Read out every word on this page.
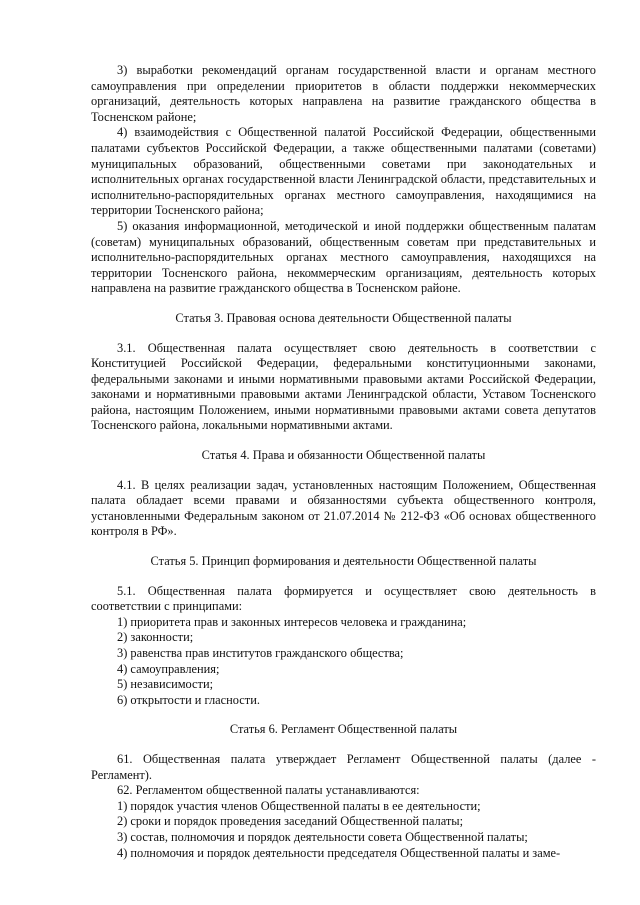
3) выработки рекомендаций органам государственной власти и органам местного самоуправления при определении приоритетов в области поддержки некоммерческих организаций, деятельность которых направлена на развитие гражданского общества в Тосненском районе;

4) взаимодействия с Общественной палатой Российской Федерации, общественными палатами субъектов Российской Федерации, а также общественными палатами (советами) муниципальных образований, общественными советами при законодательных и исполнительных органах государственной власти Ленинградской области, представительных и исполнительно-распорядительных органах местного самоуправления, находящимися на территории Тосненского района;

5) оказания информационной, методической и иной поддержки общественным палатам (советам) муниципальных образований, общественным советам при представительных и исполнительно-распорядительных органах местного самоуправления, находящихся на территории Тосненского района, некоммерческим организациям, деятельность которых направлена на развитие гражданского общества в Тосненском районе.

Статья 3. Правовая основа деятельности Общественной палаты

3.1. Общественная палата осуществляет свою деятельность в соответствии с Конституцией Российской Федерации, федеральными конституционными законами, федеральными законами и иными нормативными правовыми актами Российской Федерации, законами и нормативными правовыми актами Ленинградской области, Уставом Тосненского района, настоящим Положением, иными нормативными правовыми актами совета депутатов Тосненского района, локальными нормативными актами.

Статья 4. Права и обязанности Общественной палаты

4.1. В целях реализации задач, установленных настоящим Положением, Общественная палата обладает всеми правами и обязанностями субъекта общественного контроля, установленными Федеральным законом от 21.07.2014 № 212-ФЗ «Об основах общественного контроля в РФ».

Статья 5. Принцип формирования и деятельности Общественной палаты

5.1. Общественная палата формируется и осуществляет свою деятельность в соответствии с принципами:

1) приоритета прав и законных интересов человека и гражданина;

2) законности;

3) равенства прав институтов гражданского общества;

4) самоуправления;

5) независимости;

6) открытости и гласности.

Статья 6. Регламент Общественной палаты

61. Общественная палата утверждает Регламент Общественной палаты (далее - Регламент).

62. Регламентом общественной палаты устанавливаются:

1) порядок участия членов Общественной палаты в ее деятельности;

2) сроки и порядок проведения заседаний Общественной палаты;

3) состав, полномочия и порядок деятельности совета Общественной палаты;

4) полномочия и порядок деятельности председателя Общественной палаты и заме-
